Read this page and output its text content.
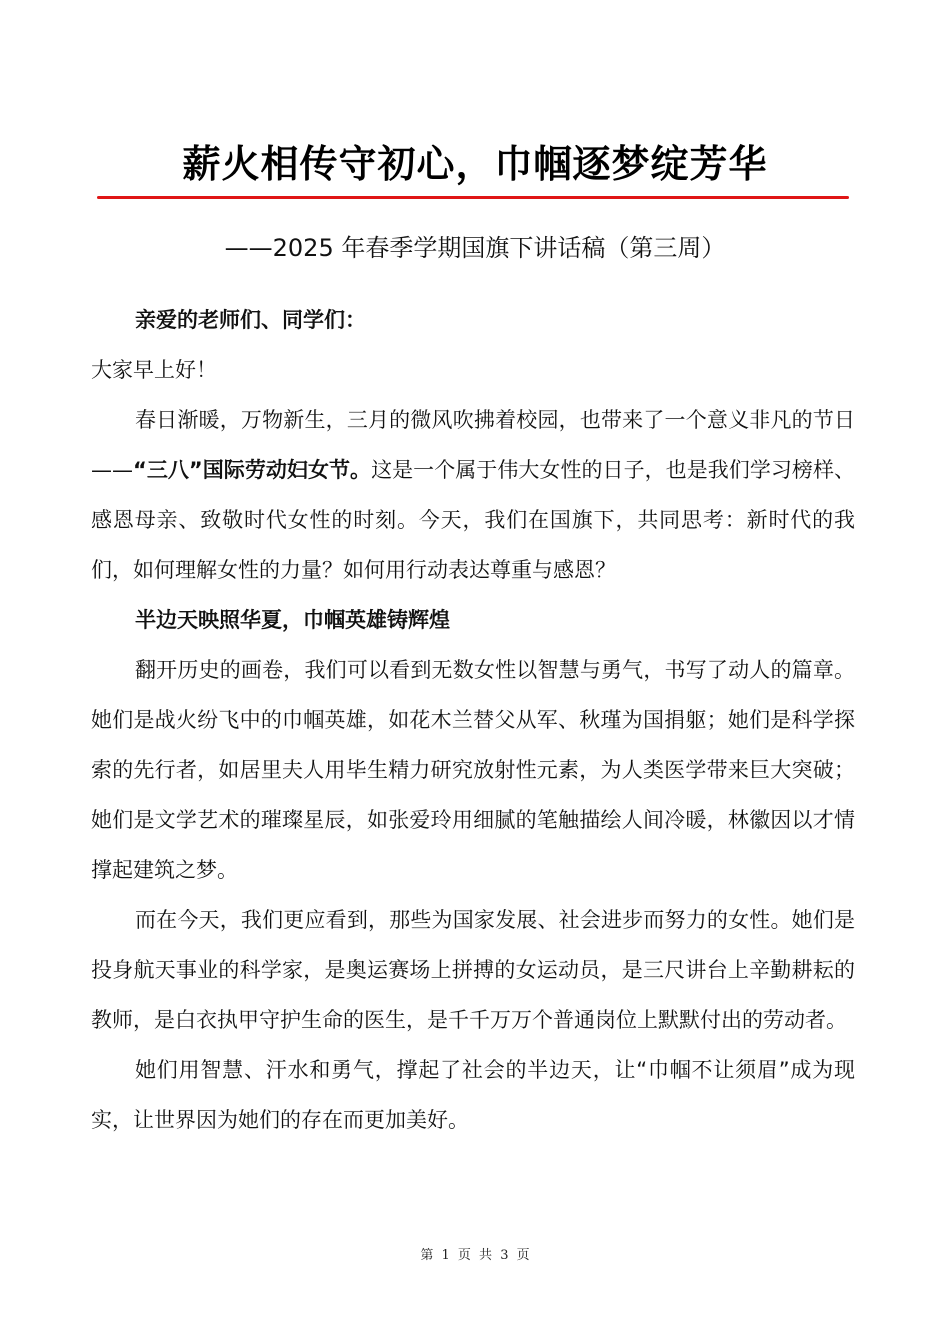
薪火相传守初心，巾帼逐梦绽芳华
——2025 年春季学期国旗下讲话稿（第三周）

亲爱的老师们、同学们：

大家早上好！

春日渐暖，万物新生，三月的微风吹拂着校园，也带来了一个意义非凡的节日——“三八”国际劳动妇女节。这是一个属于伟大女性的日子，也是我们学习榜样、感恩母亲、致敬时代女性的时刻。今天，我们在国旗下，共同思考：新时代的我们，如何理解女性的力量？如何用行动表达尊重与感恩？

半边天映照华夏，巾帼英雄铸辉煌

翻开历史的画卷，我们可以看到无数女性以智慧与勇气，书写了动人的篇章。她们是战火纷飞中的巾帼英雄，如花木兰替父从军、秋瑾为国捐躯；她们是科学探索的先行者，如居里夫人用毕生精力研究放射性元素，为人类医学带来巨大突破；她们是文学艺术的璀璨星辰，如张爱玲用细腻的笔触描绘人间冷暖，林徽因以才情撑起建筑之梦。

而在今天，我们更应看到，那些为国家发展、社会进步而努力的女性。她们是投身航天事业的科学家，是奥运赛场上拼搏的女运动员，是三尺讲台上辛勤耕耘的教师，是白衣执甲守护生命的医生，是千千万万个普通岗位上默默付出的劳动者。

她们用智慧、汗水和勇气，撑起了社会的半边天，让“巾帼不让须眉”成为现实，让世界因为她们的存在而更加美好。

第 1 页 共 3 页
